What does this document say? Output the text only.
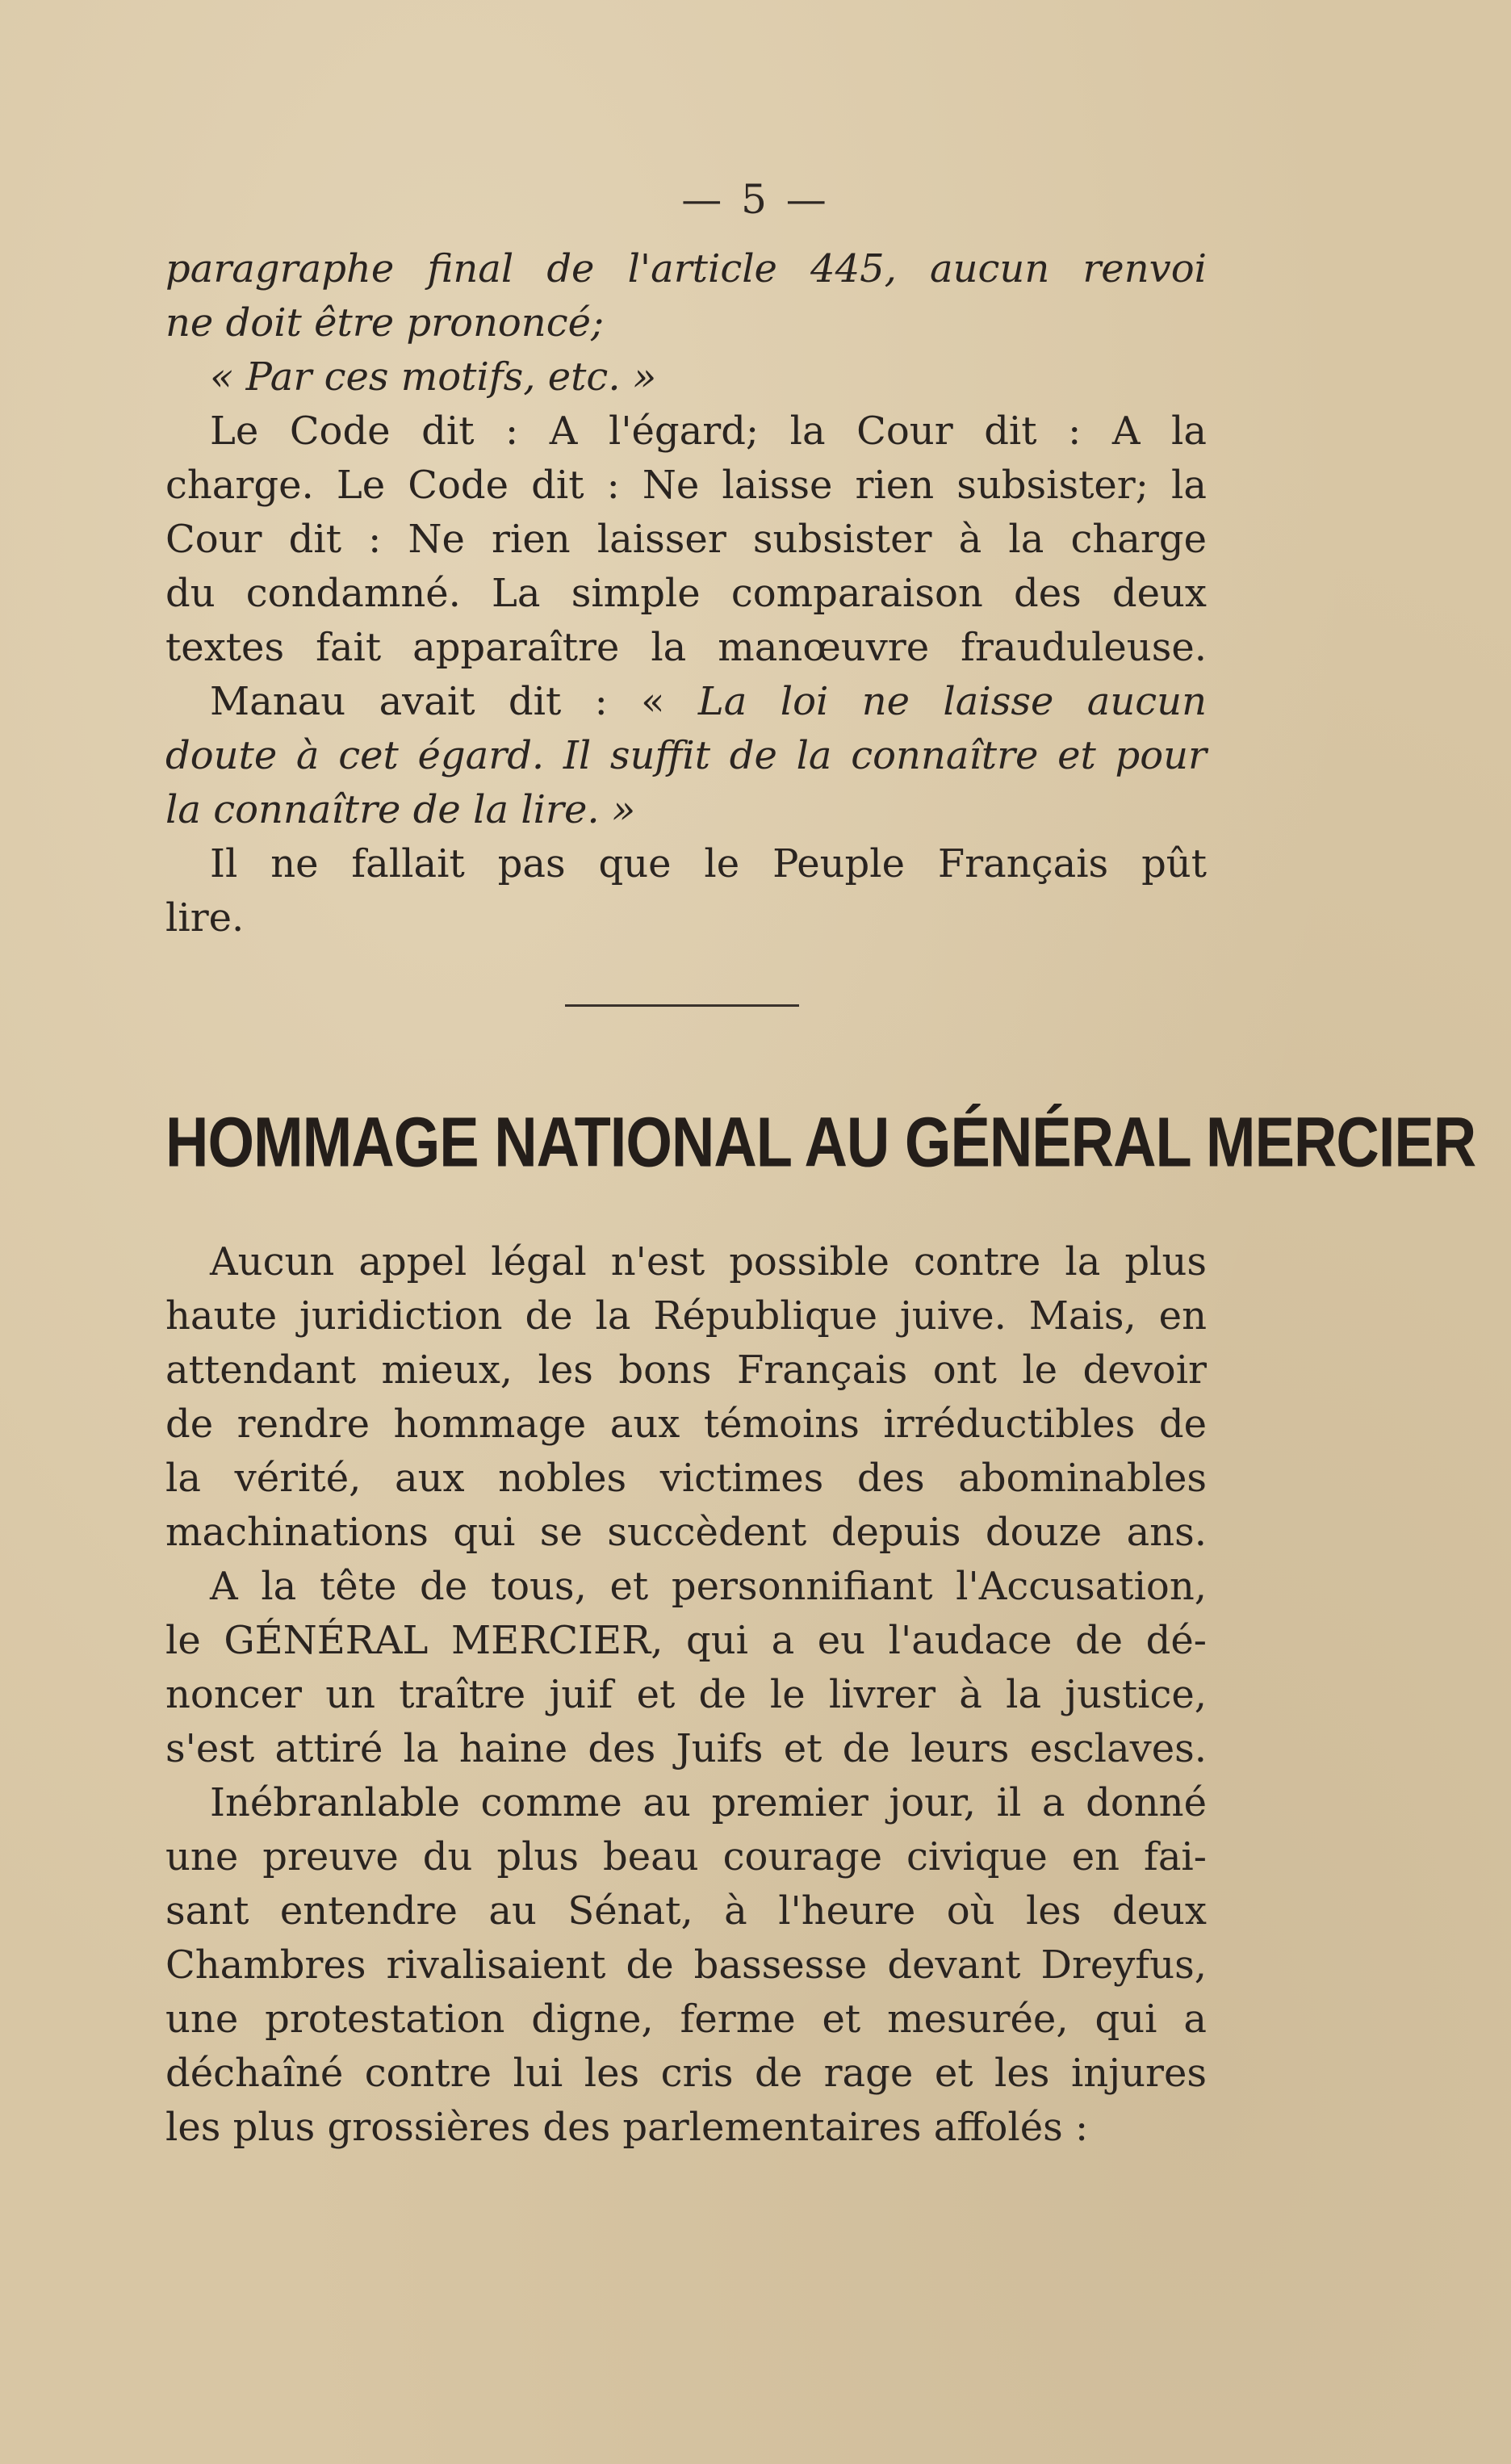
— 5 —
paragraphe final de l'article 445, aucun renvoi
ne doit être prononcé;
« Par ces motifs, etc. »
Le Code dit : A l'égard; la Cour dit : A la
charge. Le Code dit : Ne laisse rien subsister; la
Cour dit : Ne rien laisser subsister à la charge
du condamné. La simple comparaison des deux
textes fait apparaître la manœuvre frauduleuse.
Manau avait dit : « La loi ne laisse aucun
doute à cet égard. Il suffit de la connaître et pour
la connaître de la lire. »
Il ne fallait pas que le Peuple Français pût
lire.
HOMMAGE NATIONAL AU GÉNÉRAL MERCIER
Aucun appel légal n'est possible contre la plus
haute juridiction de la République juive. Mais, en
attendant mieux, les bons Français ont le devoir
de rendre hommage aux témoins irréductibles de
la vérité, aux nobles victimes des abominables
machinations qui se succèdent depuis douze ans.
A la tête de tous, et personnifiant l'Accusation,
le GÉNÉRAL MERCIER, qui a eu l'audace de dé-
noncer un traître juif et de le livrer à la justice,
s'est attiré la haine des Juifs et de leurs esclaves.
Inébranlable comme au premier jour, il a donné
une preuve du plus beau courage civique en fai-
sant entendre au Sénat, à l'heure où les deux
Chambres rivalisaient de bassesse devant Dreyfus,
une protestation digne, ferme et mesurée, qui a
déchaîné contre lui les cris de rage et les injures
les plus grossières des parlementaires affolés :
